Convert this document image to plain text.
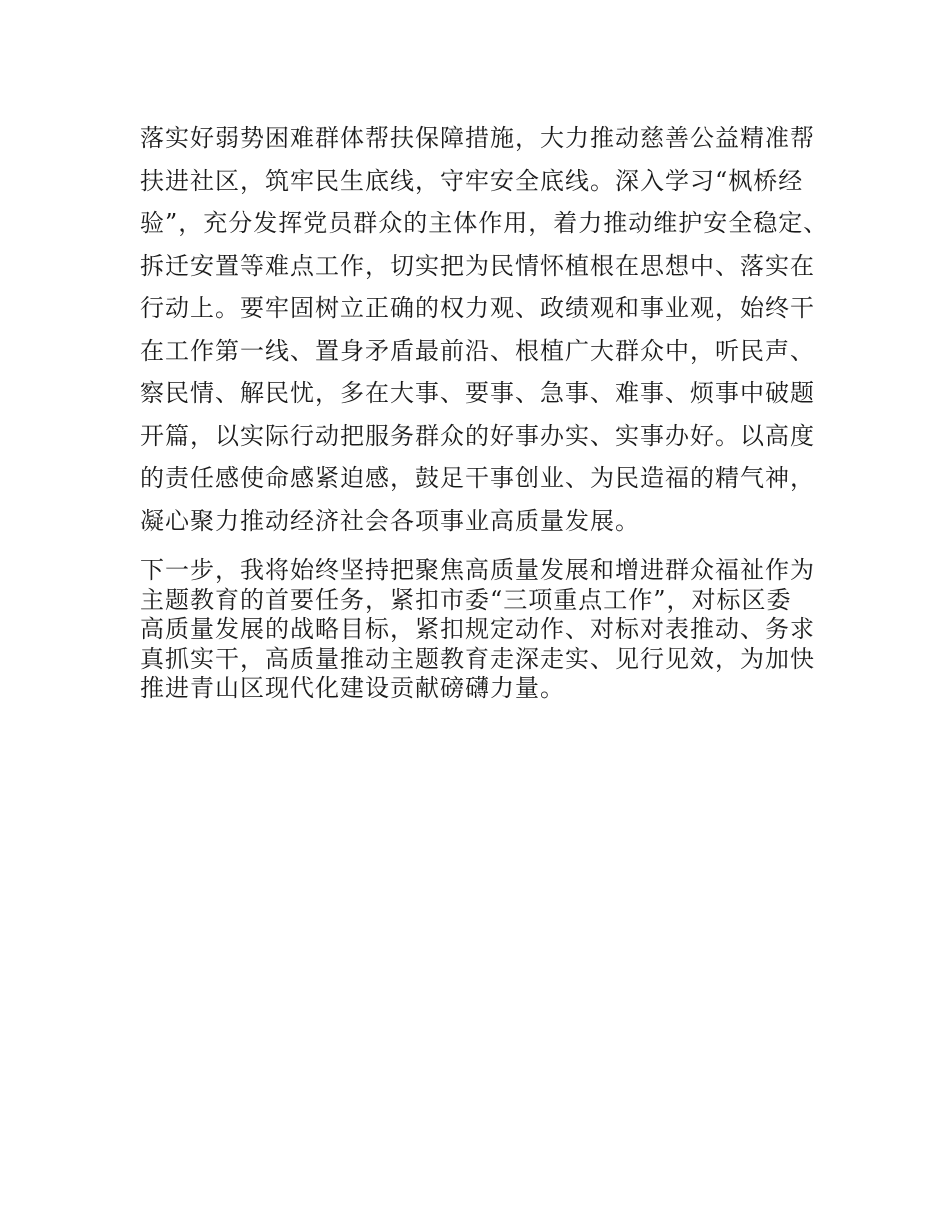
落实好弱势困难群体帮扶保障措施，大力推动慈善公益精准帮
扶进社区，筑牢民生底线，守牢安全底线。深入学习“枫桥经
验”，充分发挥党员群众的主体作用，着力推动维护安全稳定、
拆迁安置等难点工作，切实把为民情怀植根在思想中、落实在
行动上。要牢固树立正确的权力观、政绩观和事业观，始终干
在工作第一线、置身矛盾最前沿、根植广大群众中，听民声、
察民情、解民忧，多在大事、要事、急事、难事、烦事中破题
开篇，以实际行动把服务群众的好事办实、实事办好。以高度
的责任感使命感紧迫感，鼓足干事创业、为民造福的精气神，
凝心聚力推动经济社会各项事业高质量发展。
下一步，我将始终坚持把聚焦高质量发展和增进群众福祉作为
主题教育的首要任务，紧扣市委“三项重点工作”，对标区委
高质量发展的战略目标，紧扣规定动作、对标对表推动、务求
真抓实干，高质量推动主题教育走深走实、见行见效，为加快
推进青山区现代化建设贡献磅礴力量。
